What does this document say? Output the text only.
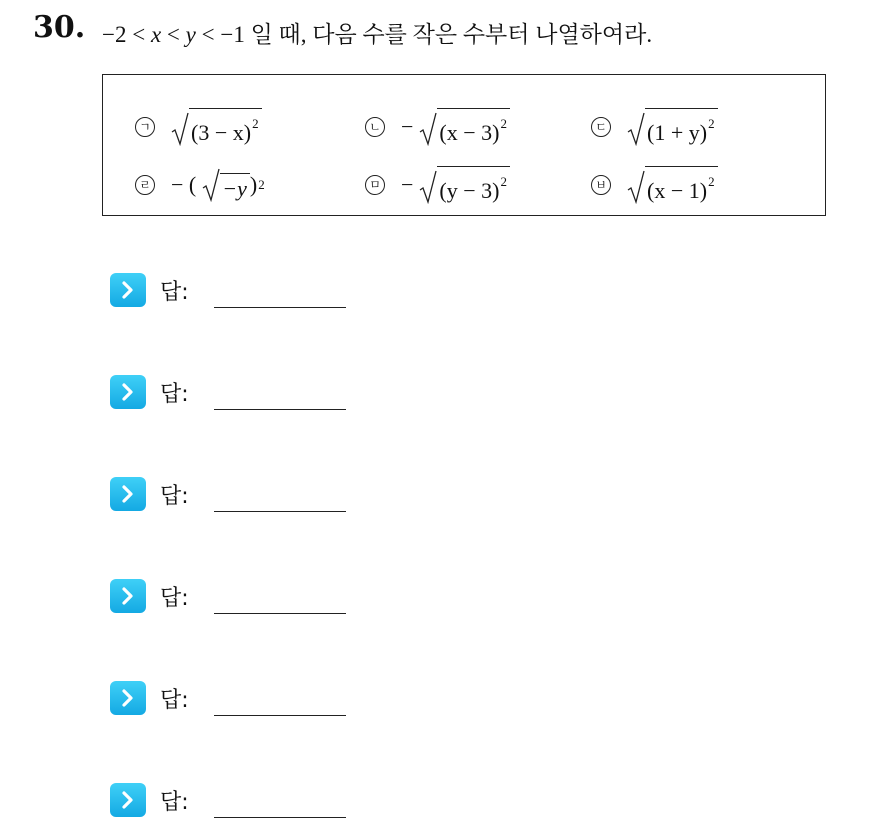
30. −2 < x < y < −1 일 때, 다음 수를 작은 수부터 나열하여라.
ㄱ $(3 - x)^2$	ㄴ − $(x - 3)^2$	ㄷ $(1 + y)^2$
ㄹ − ( −y ) 2	ㅁ − $(y - 3)^2$	ㅂ $(x - 1)^2$
답:
답:
답:
답:
답:
답:
